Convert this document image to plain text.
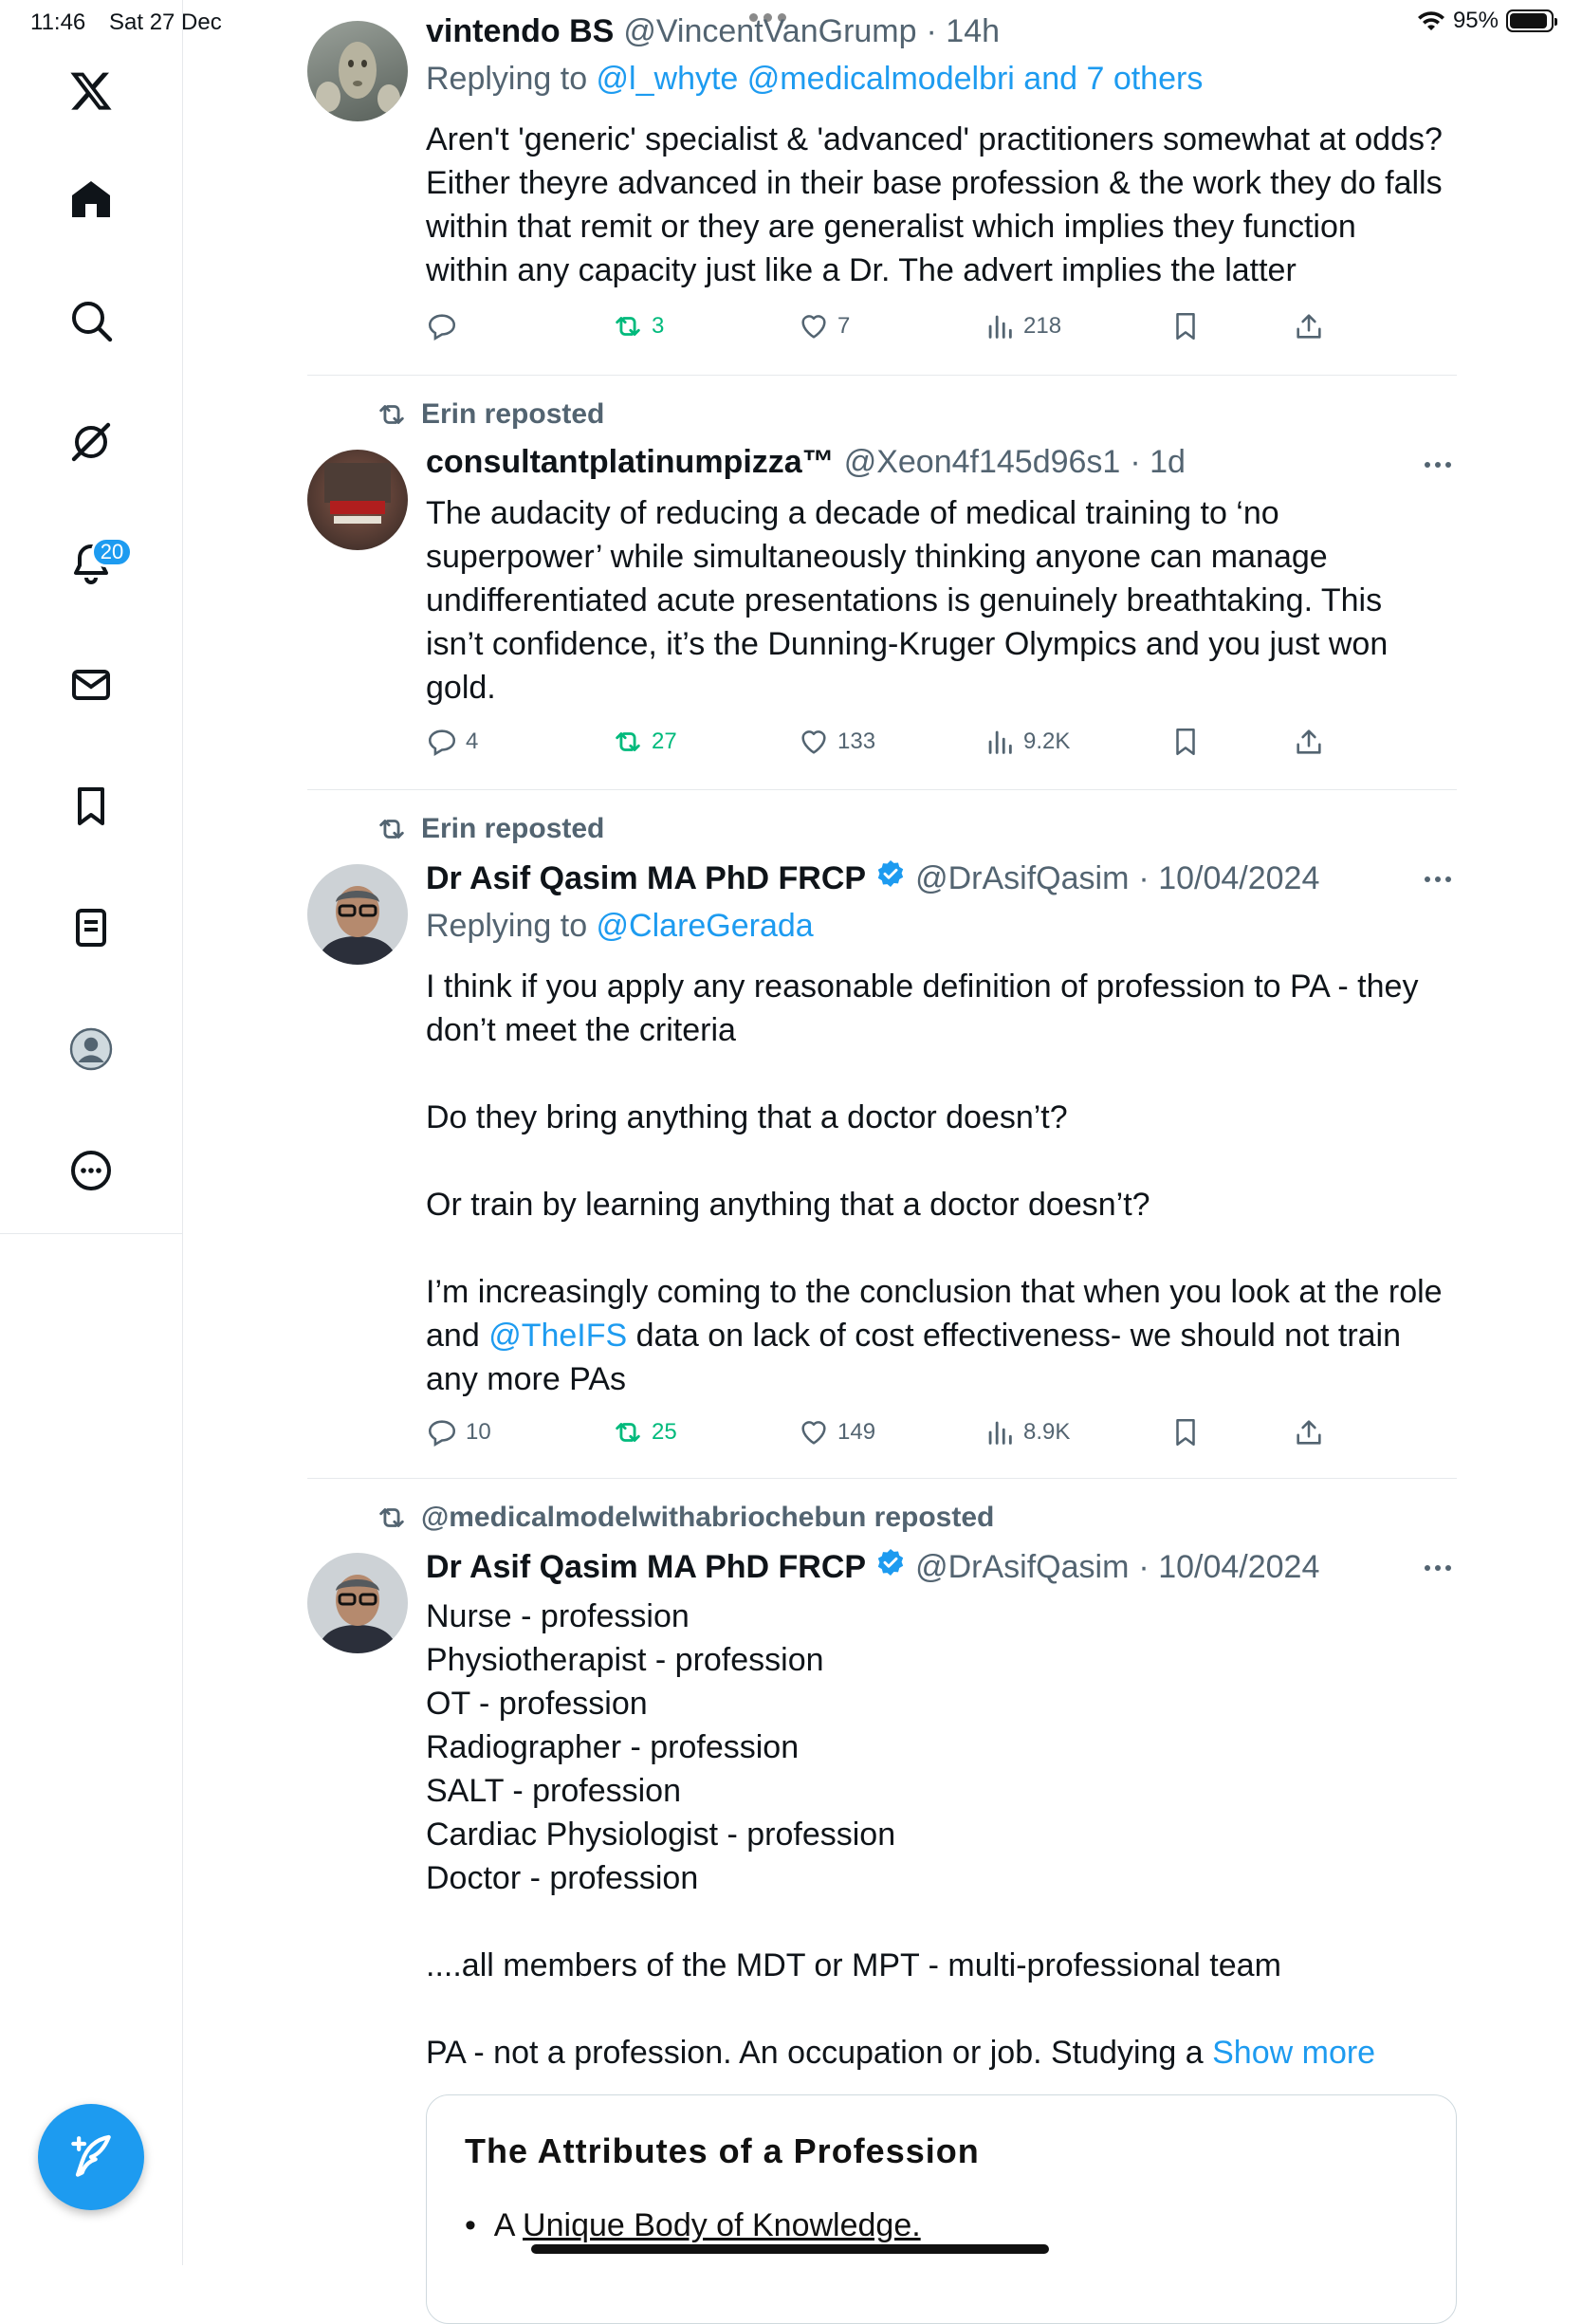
11:46 Sat 27 Dec	95%
20
vintendo BS @VincentVanGrump · 14h
Replying to @l_whyte @medicalmodelbri and 7 others

Aren't 'generic' specialist & 'advanced' practitioners somewhat at odds?

Either theyre advanced in their base profession & the work they do falls

within that remit or they are generalist which implies they function

within any capacity just like a Dr. The advert implies the latter

3	7	218
Erin reposted
consultantplatinumpizza™ @Xeon4f145d96s1 · 1d

The audacity of reducing a decade of medical training to ‘no

superpower’ while simultaneously thinking anyone can manage

undifferentiated acute presentations is genuinely breathtaking. This

isn’t confidence, it’s the Dunning-Kruger Olympics and you just won

gold.

4	27	133	9.2K
Erin reposted
Dr Asif Qasim MA PhD FRCP @DrAsifQasim · 10/04/2024
Replying to @ClareGerada

I think if you apply any reasonable definition of profession to PA - they

don’t meet the criteria

Do they bring anything that a doctor doesn’t?

Or train by learning anything that a doctor doesn’t?

I’m increasingly coming to the conclusion that when you look at the role

and @TheIFS data on lack of cost effectiveness- we should not train

any more PAs

10	25	149	8.9K
@medicalmodelwithabriochebun reposted
Dr Asif Qasim MA PhD FRCP @DrAsifQasim · 10/04/2024

Nurse - profession

Physiotherapist - profession

OT - profession

Radiographer - profession

SALT - profession

Cardiac Physiologist - profession

Doctor - profession

....all members of the MDT or MPT - multi-professional team

PA - not a profession. An occupation or job. Studying a Show more

The Attributes of a Profession
•  A Unique Body of Knowledge.
